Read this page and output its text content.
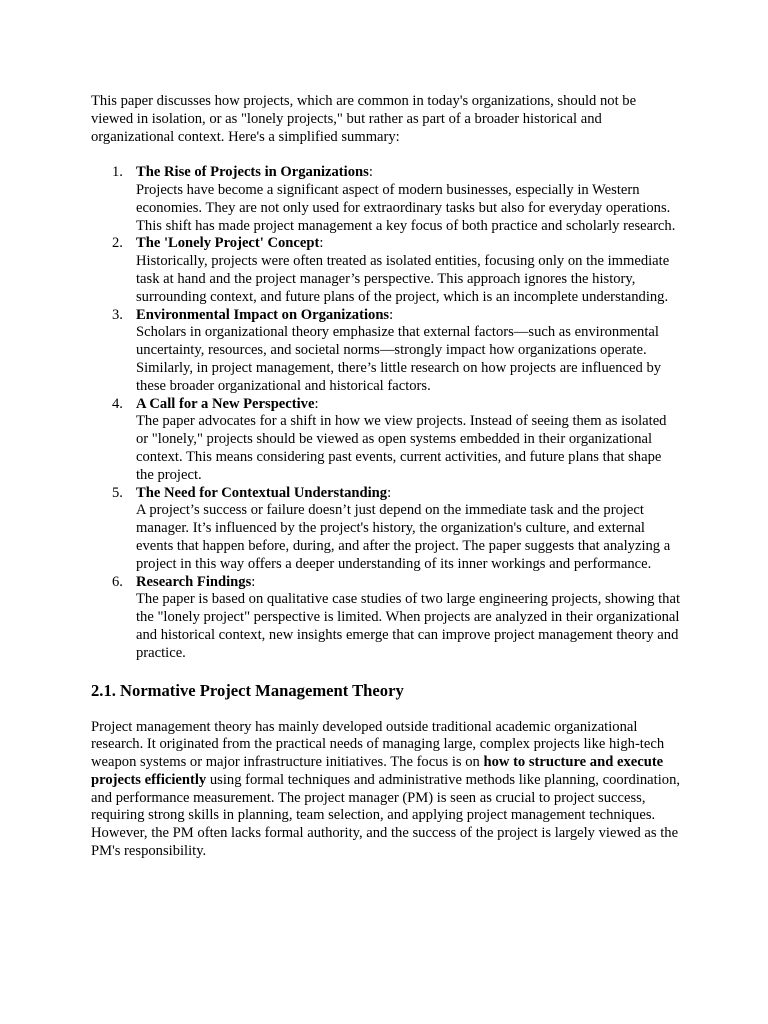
This paper discusses how projects, which are common in today's organizations, should not be viewed in isolation, or as "lonely projects," but rather as part of a broader historical and organizational context. Here's a simplified summary:

1. The Rise of Projects in Organizations:
Projects have become a significant aspect of modern businesses, especially in Western economies. They are not only used for extraordinary tasks but also for everyday operations. This shift has made project management a key focus of both practice and scholarly research.
2. The 'Lonely Project' Concept:
Historically, projects were often treated as isolated entities, focusing only on the immediate task at hand and the project manager’s perspective. This approach ignores the history, surrounding context, and future plans of the project, which is an incomplete understanding.
3. Environmental Impact on Organizations:
Scholars in organizational theory emphasize that external factors—such as environmental uncertainty, resources, and societal norms—strongly impact how organizations operate. Similarly, in project management, there’s little research on how projects are influenced by these broader organizational and historical factors.
4. A Call for a New Perspective:
The paper advocates for a shift in how we view projects. Instead of seeing them as isolated or "lonely," projects should be viewed as open systems embedded in their organizational context. This means considering past events, current activities, and future plans that shape the project.
5. The Need for Contextual Understanding:
A project’s success or failure doesn’t just depend on the immediate task and the project manager. It’s influenced by the project's history, the organization's culture, and external events that happen before, during, and after the project. The paper suggests that analyzing a project in this way offers a deeper understanding of its inner workings and performance.
6. Research Findings:
The paper is based on qualitative case studies of two large engineering projects, showing that the "lonely project" perspective is limited. When projects are analyzed in their organizational and historical context, new insights emerge that can improve project management theory and practice.
2.1. Normative Project Management Theory

Project management theory has mainly developed outside traditional academic organizational research. It originated from the practical needs of managing large, complex projects like high-tech weapon systems or major infrastructure initiatives. The focus is on how to structure and execute projects efficiently using formal techniques and administrative methods like planning, coordination, and performance measurement. The project manager (PM) is seen as crucial to project success, requiring strong skills in planning, team selection, and applying project management techniques. However, the PM often lacks formal authority, and the success of the project is largely viewed as the PM's responsibility.
